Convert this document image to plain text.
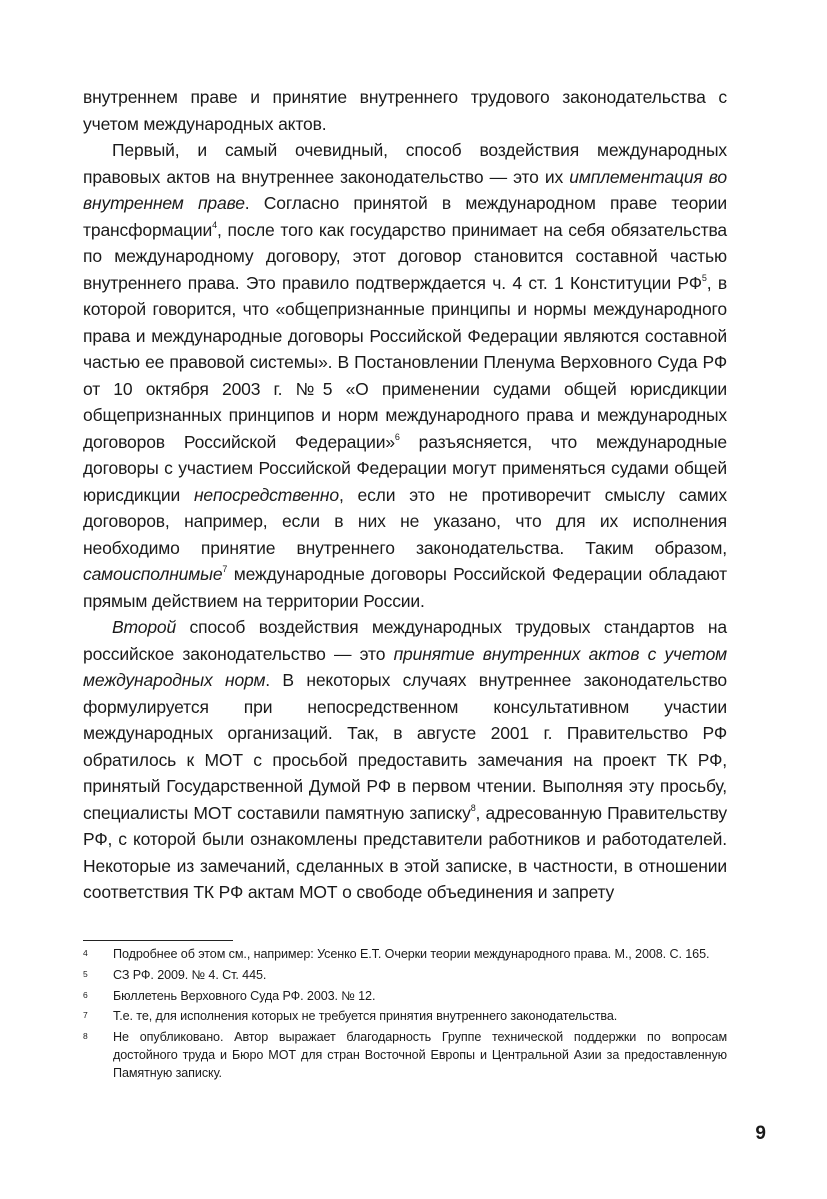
внутреннем праве и принятие внутреннего трудового законодательства с учетом международных актов.

Первый, и самый очевидный, способ воздействия международных правовых актов на внутреннее законодательство — это их имплементация во внутреннем праве. Согласно принятой в международном праве теории трансформации$^4$, после того как государство принимает на себя обязательства по международному договору, этот договор становится составной частью внутреннего права. Это правило подтверждается ч. 4 ст. 1 Конституции $РФ^5$, в которой говорится, что «общепризнанные принципы и нормы международного права и международные договоры Российской Федерации являются составной частью ее правовой системы». В Постановлении Пленума Верховного Суда РФ от 10 октября 2003 г. №5 «О применении судами общей юрисдикции общепризнанных принципов и норм международного права и международных договоров Российской Федерации»$^6$ разъясняется, что международные договоры с участием Российской Федерации могут применяться судами общей юрисдикции непосредственно, если это не противоречит смыслу самих договоров, например, если в них не указано, что для их исполнения необходимо принятие внутреннего законодательства. Таким образом, самоисполнимые$^7$ международные договоры Российской Федерации обладают прямым действием на территории России.

Второй способ воздействия международных трудовых стандартов на российское законодательство — это принятие внутренних актов с учетом международных норм. В некоторых случаях внутреннее законодательство формулируется при непосредственном консультативном участии международных организаций. Так, в августе 2001 г. Правительство РФ обратилось к МОТ с просьбой предоставить замечания на проект ТК РФ, принятый Государственной Думой РФ в первом чтении. Выполняя эту просьбу, специалисты МОТ составили памятную записку$^8$, адресованную Правительству РФ, с которой были ознакомлены представители работников и работодателей. Некоторые из замечаний, сделанных в этой записке, в частности, в отношении соответствия ТК РФ актам МОТ о свободе объединения и запрету

4	Подробнее об этом см., например: Усенко Е.Т. Очерки теории международного права. М., 2008. С. 165.
5	СЗ РФ. 2009. № 4. Ст. 445.
6	Бюллетень Верховного Суда РФ. 2003. № 12.
7	Т.е. те, для исполнения которых не требуется принятия внутреннего законодательства.
8	Не опубликовано. Автор выражает благодарность Группе технической поддержки по вопросам достойного труда и Бюро МОТ для стран Восточной Европы и Центральной Азии за предоставленную Памятную записку.
9
